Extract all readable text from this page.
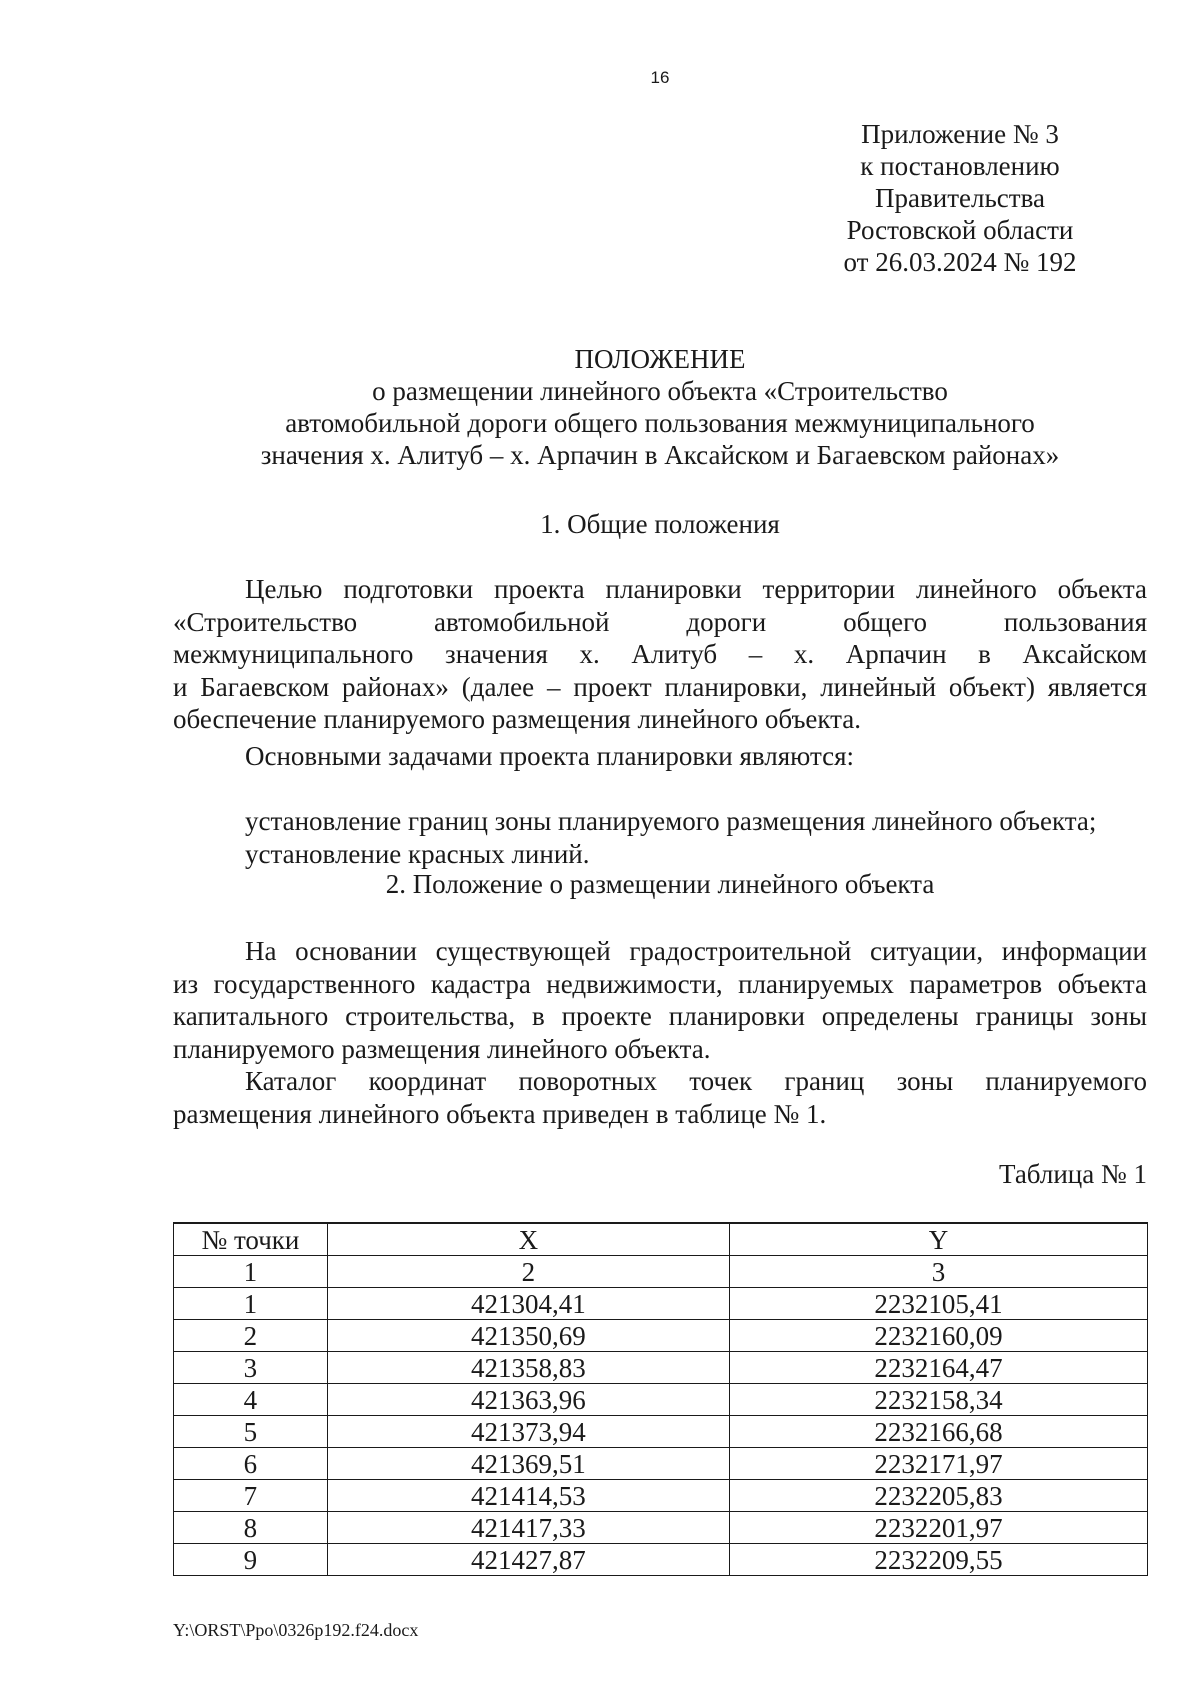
16
Приложение № 3
к постановлению
Правительства
Ростовской области
от 26.03.2024 № 192
ПОЛОЖЕНИЕ
о размещении линейного объекта «Строительство
автомобильной дороги общего пользования межмуниципального
значения х. Алитуб – х. Арпачин в Аксайском и Багаевском районах»
1. Общие положения
Целью подготовки проекта планировки территории линейного объекта
«Строительство автомобильной дороги общего пользования
межмуниципального значения х. Алитуб – х. Арпачин в Аксайском
и Багаевском районах» (далее – проект планировки, линейный объект) является
обеспечение планируемого размещения линейного объекта.
Основными задачами проекта планировки являются:
установление границ зоны планируемого размещения линейного объекта;
установление красных линий.
2. Положение о размещении линейного объекта
На основании существующей градостроительной ситуации, информации
из государственного кадастра недвижимости, планируемых параметров объекта
капитального строительства, в проекте планировки определены границы зоны
планируемого размещения линейного объекта.
Каталог координат поворотных точек границ зоны планируемого
размещения линейного объекта приведен в таблице № 1.
Таблица № 1
№ точки	X	Y
1	2	3
1	421304,41	2232105,41
2	421350,69	2232160,09
3	421358,83	2232164,47
4	421363,96	2232158,34
5	421373,94	2232166,68
6	421369,51	2232171,97
7	421414,53	2232205,83
8	421417,33	2232201,97
9	421427,87	2232209,55
Y:\ORST\Ppo\0326p192.f24.docx
